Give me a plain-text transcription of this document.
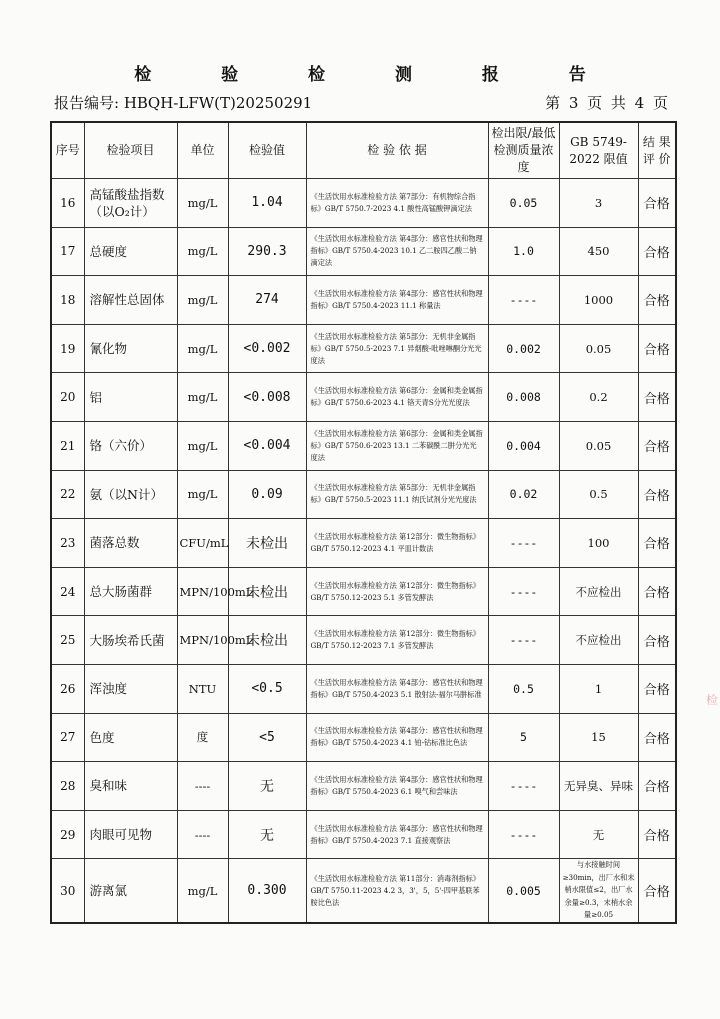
检 验 检 测 报 告
报告编号: HBQH-LFW(T)20250291	第 3 页 共 4 页
序号	检验项目	单位	检验值	检 验 依 据	检出限/最低检测质量浓度	GB 5749-2022 限值	结 果 评 价
16	高锰酸盐指数（以O₂计）	mg/L	1.04	《生活饮用水标准检验方法 第7部分：有机物综合指标》GB/T 5750.7-2023 4.1 酸性高锰酸钾滴定法	0.05	3	合格
17	总硬度	mg/L	290.3	《生活饮用水标准检验方法 第4部分：感官性状和物理指标》GB/T 5750.4-2023 10.1 乙二胺四乙酸二钠滴定法	1.0	450	合格
18	溶解性总固体	mg/L	274	《生活饮用水标准检验方法 第4部分：感官性状和物理指标》GB/T 5750.4-2023 11.1 称量法	----	1000	合格
19	氰化物	mg/L	<0.002	《生活饮用水标准检验方法 第5部分：无机非金属指标》GB/T 5750.5-2023 7.1 异烟酸-吡唑啉酮分光光度法	0.002	0.05	合格
20	铝	mg/L	<0.008	《生活饮用水标准检验方法 第6部分：金属和类金属指标》GB/T 5750.6-2023 4.1 铬天青S分光光度法	0.008	0.2	合格
21	铬（六价）	mg/L	<0.004	《生活饮用水标准检验方法 第6部分：金属和类金属指标》GB/T 5750.6-2023 13.1 二苯碳酰二肼分光光度法	0.004	0.05	合格
22	氨（以N计）	mg/L	0.09	《生活饮用水标准检验方法 第5部分：无机非金属指标》GB/T 5750.5-2023 11.1 纳氏试剂分光光度法	0.02	0.5	合格
23	菌落总数	CFU/mL	未检出	《生活饮用水标准检验方法 第12部分：微生物指标》GB/T 5750.12-2023 4.1 平皿计数法	----	100	合格
24	总大肠菌群	MPN/100mL	未检出	《生活饮用水标准检验方法 第12部分：微生物指标》GB/T 5750.12-2023 5.1 多管发酵法	----	不应检出	合格
25	大肠埃希氏菌	MPN/100mL	未检出	《生活饮用水标准检验方法 第12部分：微生物指标》GB/T 5750.12-2023 7.1 多管发酵法	----	不应检出	合格
26	浑浊度	NTU	<0.5	《生活饮用水标准检验方法 第4部分：感官性状和物理指标》GB/T 5750.4-2023 5.1 散射法-福尔马肼标准	0.5	1	合格
27	色度	度	<5	《生活饮用水标准检验方法 第4部分：感官性状和物理指标》GB/T 5750.4-2023 4.1 铂-钴标准比色法	5	15	合格
28	臭和味	----	无	《生活饮用水标准检验方法 第4部分：感官性状和物理指标》GB/T 5750.4-2023 6.1 嗅气和尝味法	----	无异臭、异味	合格
29	肉眼可见物	----	无	《生活饮用水标准检验方法 第4部分：感官性状和物理指标》GB/T 5750.4-2023 7.1 直接观察法	----	无	合格
30	游离氯	mg/L	0.300	《生活饮用水标准检验方法 第11部分：消毒剂指标》GB/T 5750.11-2023 4.2 3，3'，5，5'-四甲基联苯胺比色法	0.005	与水接触时间≥30min，出厂水和末梢水限值≤2，出厂水余量≥0.3，末梢水余量≥0.05	合格
检
